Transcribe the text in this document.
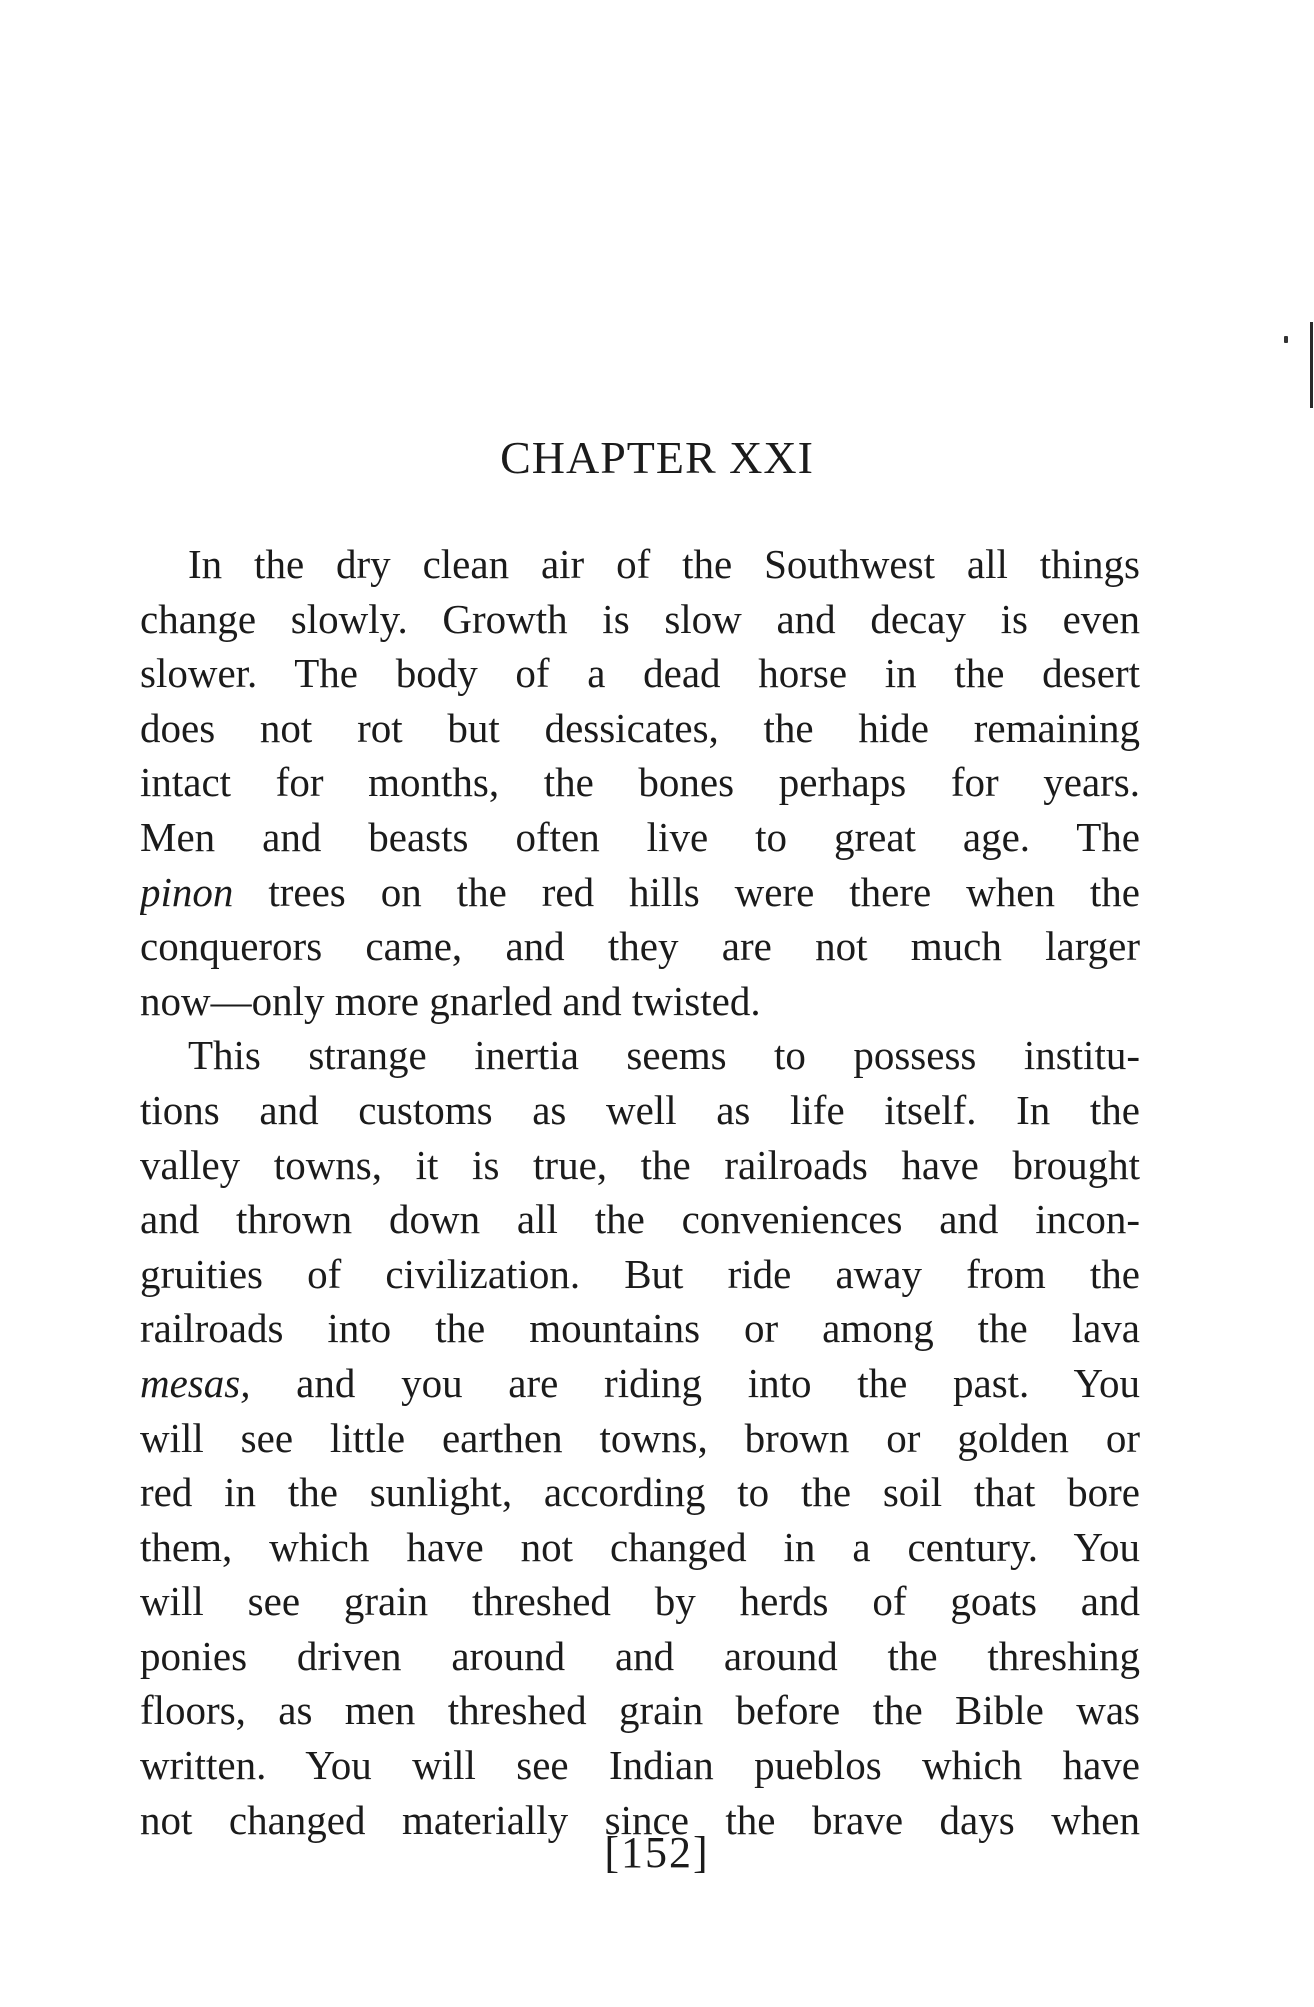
CHAPTER XXI
In the dry clean air of the Southwest all things
change slowly. Growth is slow and decay is even
slower. The body of a dead horse in the desert
does not rot but dessicates, the hide remaining
intact for months, the bones perhaps for years.
Men and beasts often live to great age. The
pinon trees on the red hills were there when the
conquerors came, and they are not much larger
now—only more gnarled and twisted.
This strange inertia seems to possess institu-
tions and customs as well as life itself. In the
valley towns, it is true, the railroads have brought
and thrown down all the conveniences and incon-
gruities of civilization. But ride away from the
railroads into the mountains or among the lava
mesas, and you are riding into the past. You
will see little earthen towns, brown or golden or
red in the sunlight, according to the soil that bore
them, which have not changed in a century. You
will see grain threshed by herds of goats and
ponies driven around and around the threshing
floors, as men threshed grain before the Bible was
written. You will see Indian pueblos which have
not changed materially since the brave days when
[152]
